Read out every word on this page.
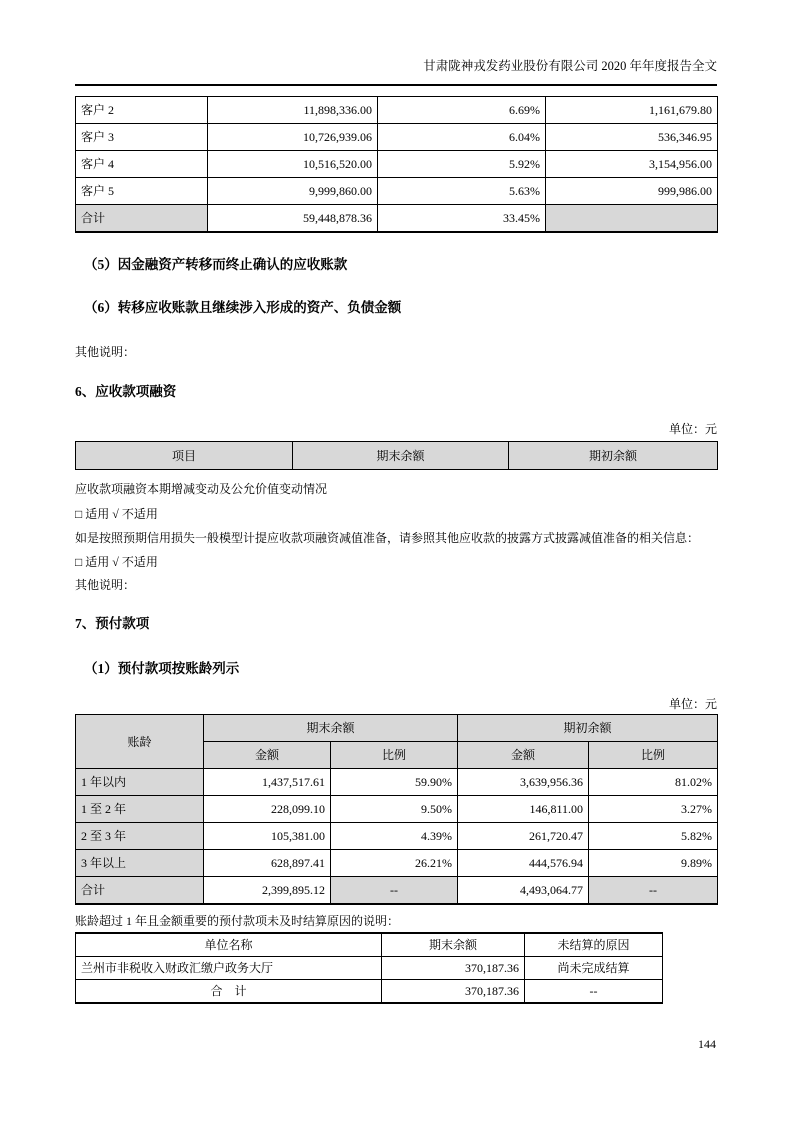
甘肃陇神戎发药业股份有限公司 2020 年年度报告全文
客户 2	11,898,336.00	6.69%	1,161,679.80
客户 3	10,726,939.06	6.04%	536,346.95
客户 4	10,516,520.00	5.92%	3,154,956.00
客户 5	9,999,860.00	5.63%	999,986.00
合计	59,448,878.36	33.45%	

（5）因金融资产转移而终止确认的应收账款

（6）转移应收账款且继续涉入形成的资产、负债金额

其他说明：

6、应收款项融资

单位：元

项目	期末余额	期初余额

应收款项融资本期增减变动及公允价值变动情况

□ 适用 √ 不适用

如是按照预期信用损失一般模型计提应收款项融资减值准备，请参照其他应收款的披露方式披露减值准备的相关信息：

□ 适用 √ 不适用

其他说明：

7、预付款项

（1）预付款项按账龄列示

单位：元

账龄	期末余额		期初余额	
	金额	比例	金额	比例
1 年以内	1,437,517.61	59.90%	3,639,956.36	81.02%
1 至 2 年	228,099.10	9.50%	146,811.00	3.27%
2 至 3 年	105,381.00	4.39%	261,720.47	5.82%
3 年以上	628,897.41	26.21%	444,576.94	9.89%
合计	2,399,895.12	--	4,493,064.77	--

账龄超过 1 年且金额重要的预付款项未及时结算原因的说明：

单位名称	期末余额	未结算的原因
兰州市非税收入财政汇缴户政务大厅	370,187.36	尚未完成结算
合　计	370,187.36	--
144
